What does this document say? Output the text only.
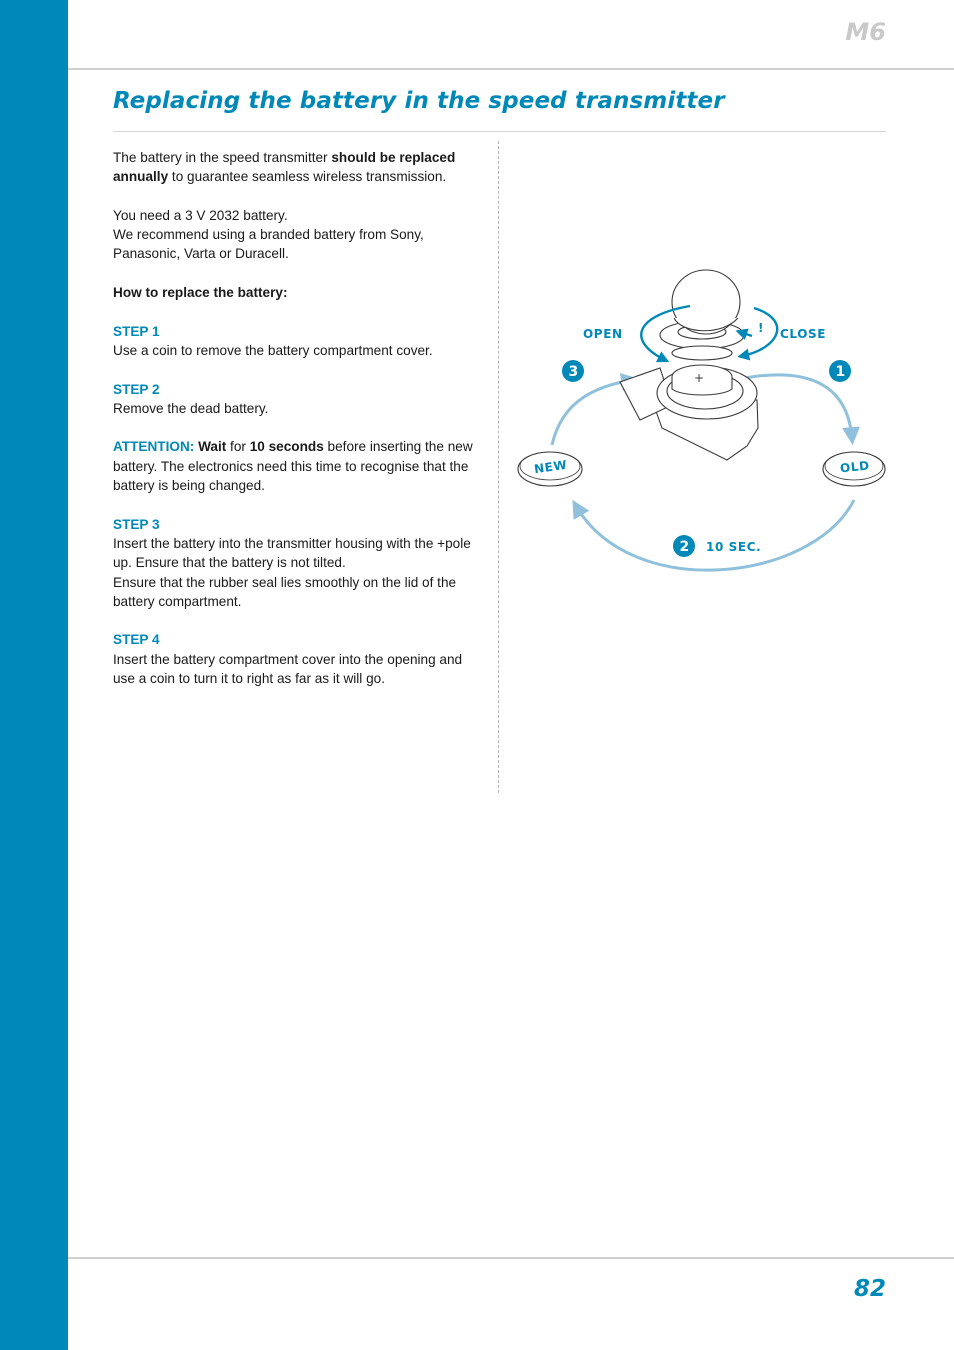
M6
Replacing the battery in the speed transmitter

The battery in the speed transmitter should be replaced annually to guarantee seamless wireless transmission.

You need a 3 V 2032 battery.
We recommend using a branded battery from Sony, Panasonic, Varta or Duracell.

How to replace the battery:

STEP 1

Use a coin to remove the battery compartment cover.

STEP 2

Remove the dead battery.

ATTENTION: Wait for 10 seconds before inserting the new battery. The electronics need this time to recognise that the battery is being changed.

STEP 3

Insert the battery into the transmitter housing with the +pole up. Ensure that the battery is not tilted.
Ensure that the rubber seal lies smoothly on the lid of the battery compartment.

STEP 4

Insert the battery compartment cover into the opening and use a coin to turn it to right as far as it will go.

+
!
OPEN	CLOSE
3	1
2 10 SEC.
NEW	OLD
82
